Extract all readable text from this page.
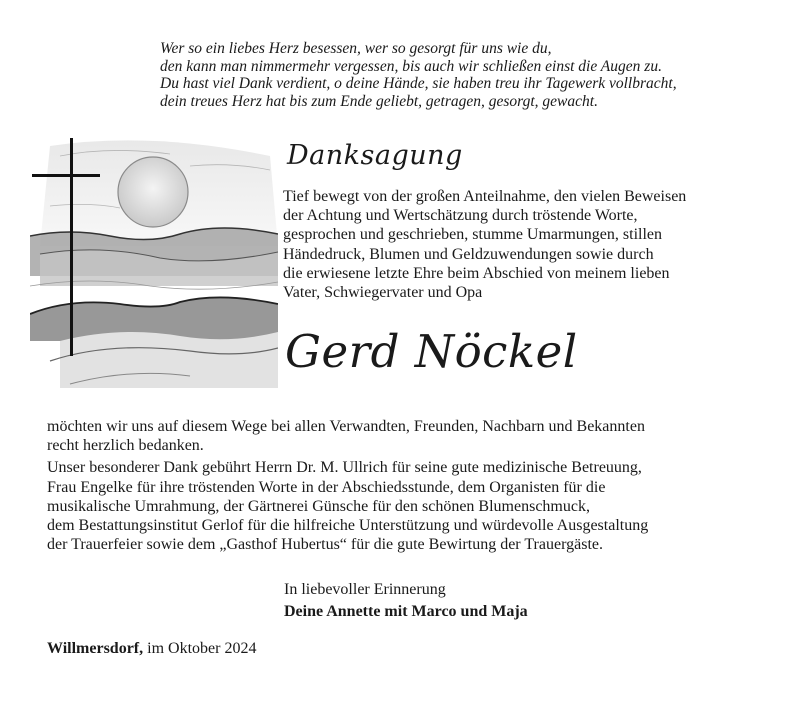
Wer so ein liebes Herz besessen, wer so gesorgt für uns wie du,
den kann man nimmermehr vergessen, bis auch wir schließen einst die Augen zu.
Du hast viel Dank verdient, o deine Hände, sie haben treu ihr Tagewerk vollbracht,
dein treues Herz hat bis zum Ende geliebt, getragen, gesorgt, gewacht.
Danksagung
Tief bewegt von der großen Anteilnahme, den vielen Beweisen
der Achtung und Wertschätzung durch tröstende Worte,
gesprochen und geschrieben, stumme Umarmungen, stillen
Händedruck, Blumen und Geldzuwendungen sowie durch
die erwiesene letzte Ehre beim Abschied von meinem lieben
Vater, Schwiegervater und Opa
Gerd Nöckel
möchten wir uns auf diesem Wege bei allen Verwandten, Freunden, Nachbarn und Bekannten
recht herzlich bedanken.
Unser besonderer Dank gebührt Herrn Dr. M. Ullrich für seine gute medizinische Betreuung,
Frau Engelke für ihre tröstenden Worte in der Abschiedsstunde, dem Organisten für die
musikalische Umrahmung, der Gärtnerei Günsche für den schönen Blumenschmuck,
dem Bestattungsinstitut Gerlof für die hilfreiche Unterstützung und würdevolle Ausgestaltung
der Trauerfeier sowie dem „Gasthof Hubertus“ für die gute Bewirtung der Trauergäste.
In liebevoller Erinnerung
Deine Annette mit Marco und Maja
Willmersdorf, im Oktober 2024
